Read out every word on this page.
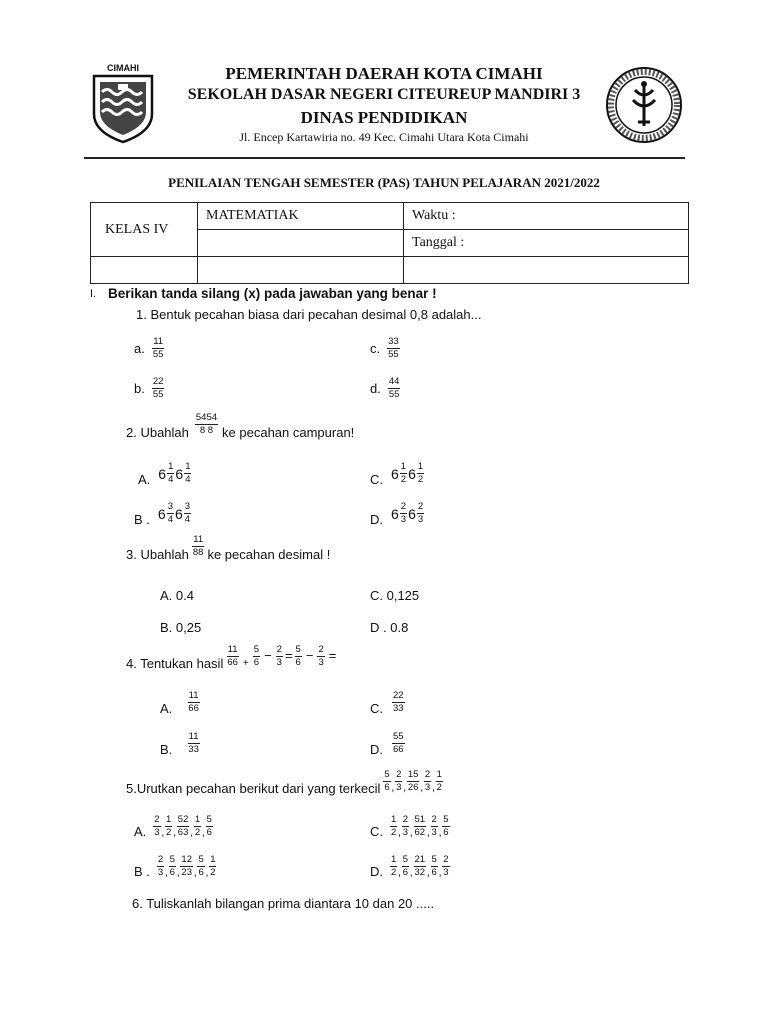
CIMAHI	PEMERINTAH DAERAH KOTA CIMAHI
SEKOLAH DASAR NEGERI CITEUREUP MANDIRI 3
DINAS PENDIDIKAN
Jl. Encep Kartawiria no. 49 Kec. Cimahi Utara Kota Cimahi
PENILAIAN TENGAH SEMESTER (PAS) TAHUN PELAJARAN 2021/2022
KELAS IV	MATEMATIAK	Waktu :
		Tanggal :

I. Berikan tanda silang (x) pada jawaban yang benar !
1. Bentuk pecahan biasa dari pecahan desimal 0,8 adalah...
a. $\frac{11}{55}$
b. $\frac{22}{55}$
c. $\frac{33}{55}$
d. $\frac{44}{55}$
2. Ubahlah $\frac{5454}{8 8}$ ke pecahan campuran!
A. $6 \frac{1}{4} 6 \frac{1}{4}$
B . $6 \frac{3}{4} 6 \frac{3}{4}$
C. $6 \frac{1}{2} 6 \frac{1}{2}$
D. $6 \frac{2}{3} 6 \frac{2}{3}$
3. Ubahlah $\frac{11}{88}$ ke pecahan desimal !
A. 0.4
B. 0,25
C. 0,125
D . 0.8
4. Tentukan hasil $\frac{11}{66} + \frac{5}{6} - \frac{2}{3} = \frac{5}{6} - \frac{2}{3}$ =
A. $\frac{11}{66}$
B. $\frac{11}{33}$
C. $\frac{22}{33}$
D. $\frac{55}{66}$
5.Urutkan pecahan berikut dari yang terkecil $\frac{5}{6}$ ’ $\frac{2}{3}$ ’ $\frac{15}{26}$ ’ $\frac{2}{3}$ ’ $\frac{1}{2}$
A. $\frac{2}{3}$ ’ $\frac{1}{2}$ ’ $\frac{52}{63}$ ’ $\frac{1}{2}$ ’ $\frac{5}{6}$
B . $\frac{2}{3}$ ’ $\frac{5}{6}$ ’ $\frac{12}{23}$ ’ $\frac{5}{6}$ ’ $\frac{1}{2}$
C. $\frac{1}{2}$ ’ $\frac{2}{3}$ ’ $\frac{51}{62}$ ’ $\frac{2}{3}$ ’ $\frac{5}{6}$
D. $\frac{1}{2}$ ’ $\frac{5}{6}$ ’ $\frac{21}{32}$ ’ $\frac{5}{6}$ ’ $\frac{2}{3}$
6. Tuliskanlah bilangan prima diantara 10 dan 20 .....
